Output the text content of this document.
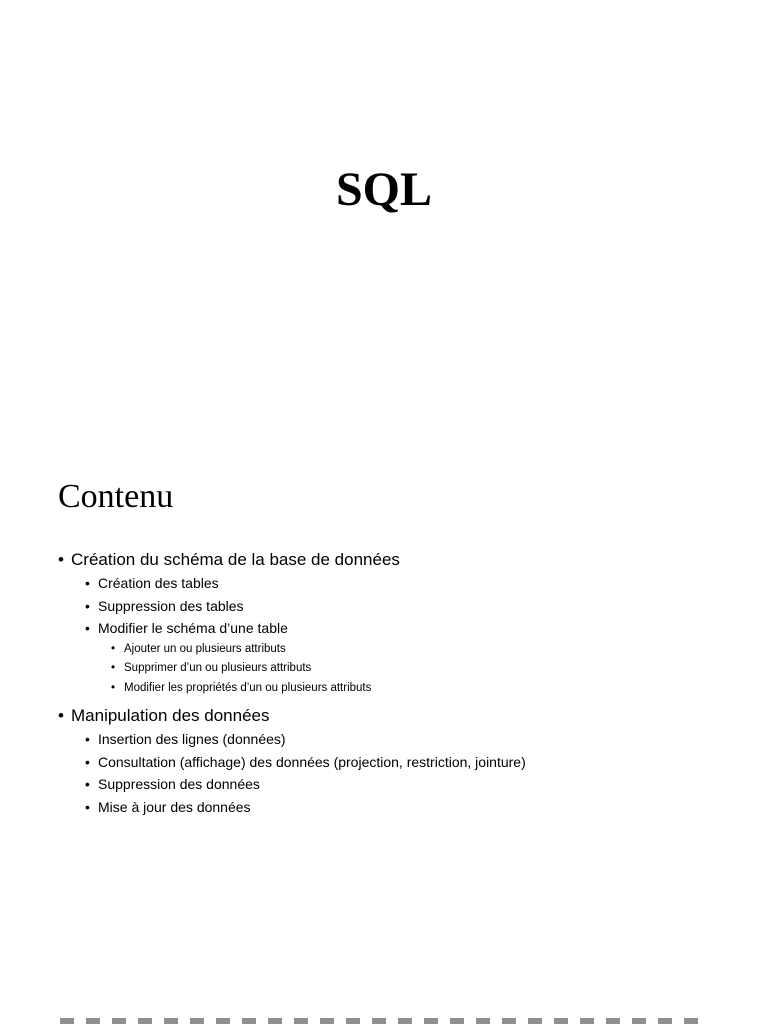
SQL
Contenu
• Création du schéma de la base de données
• Création des tables
• Suppression des tables
• Modifier le schéma d’une table
• Ajouter un ou plusieurs attributs
• Supprimer d’un ou plusieurs attributs
• Modifier les propriétés d’un ou plusieurs attributs
• Manipulation des données
• Insertion des lignes (données)
• Consultation (affichage) des données (projection, restriction, jointure)
• Suppression des données
• Mise à jour des données
